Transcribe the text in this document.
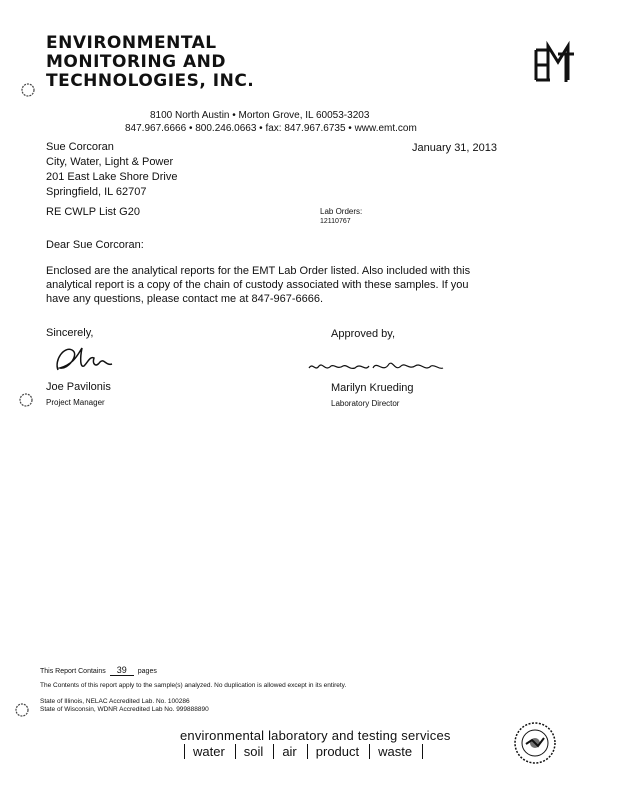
ENVIRONMENTAL
MONITORING AND
TECHNOLOGIES, INC.
8100 North Austin • Morton Grove, IL 60053-3203
847.967.6666 • 800.246.0663 • fax: 847.967.6735 • www.emt.com
Sue Corcoran
City, Water, Light & Power
201 East Lake Shore Drive
Springfield, IL 62707
January 31, 2013
RE CWLP List G20	Lab Orders:
12110767
Dear Sue Corcoran:
Enclosed are the analytical reports for the EMT Lab Order listed. Also included with this
analytical report is a copy of the chain of custody associated with these samples. If you
have any questions, please contact me at 847-967-6666.
Sincerely,	Approved by,
Joe Pavilonis
Project Manager
Marilyn Krueding
Laboratory Director
This Report Contains 39 pages
The Contents of this report apply to the sample(s) analyzed. No duplication is allowed except in its entirety.
State of Illinois, NELAC Accredited Lab. No. 100286
State of Wisconsin, WDNR Accredited Lab No. 999888890
environmental laboratory and testing services
water	soil	air	product	waste
